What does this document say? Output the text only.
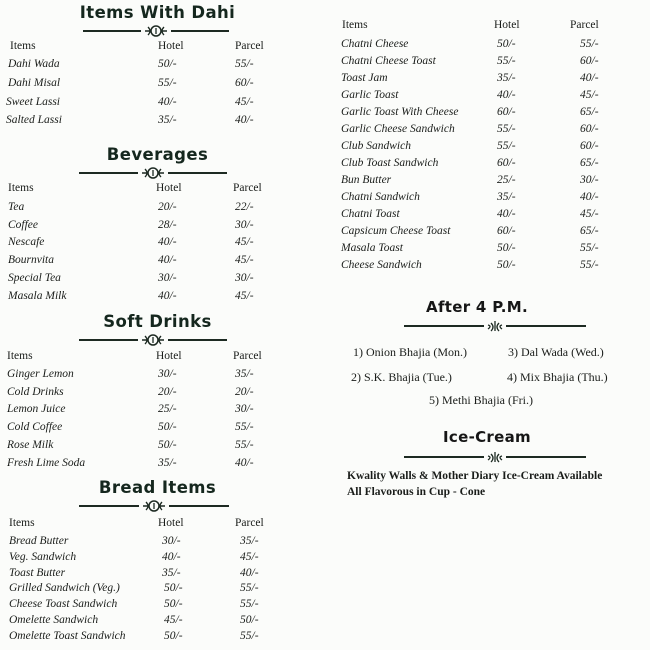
Items With Dahi
Items	Hotel	Parcel
Dahi Wada	50/-	55/-
Dahi Misal	55/-	60/-
Sweet Lassi	40/-	45/-
Salted Lassi	35/-	40/-
Beverages
Items	Hotel	Parcel
Tea	20/-	22/-
Coffee	28/-	30/-
Nescafe	40/-	45/-
Bournvita	40/-	45/-
Special Tea	30/-	30/-
Masala Milk	40/-	45/-
Soft Drinks
Items	Hotel	Parcel
Ginger Lemon	30/-	35/-
Cold Drinks	20/-	20/-
Lemon Juice	25/-	30/-
Cold Coffee	50/-	55/-
Rose Milk	50/-	55/-
Fresh Lime Soda	35/-	40/-
Bread Items
Items	Hotel	Parcel
Bread Butter	30/-	35/-
Veg. Sandwich	40/-	45/-
Toast Butter	35/-	40/-
Grilled Sandwich (Veg.)	50/-	55/-
Cheese Toast Sandwich	50/-	55/-
Omelette Sandwich	45/-	50/-
Omelette Toast Sandwich	50/-	55/-
Items	Hotel	Parcel
Chatni Cheese	50/-	55/-
Chatni Cheese Toast	55/-	60/-
Toast Jam	35/-	40/-
Garlic Toast	40/-	45/-
Garlic Toast With Cheese	60/-	65/-
Garlic Cheese Sandwich	55/-	60/-
Club Sandwich	55/-	60/-
Club Toast Sandwich	60/-	65/-
Bun Butter	25/-	30/-
Chatni Sandwich	35/-	40/-
Chatni Toast	40/-	45/-
Capsicum Cheese Toast	60/-	65/-
Masala Toast	50/-	55/-
Cheese Sandwich	50/-	55/-
After 4 P.M.
1) Onion Bhajia (Mon.)	3) Dal Wada (Wed.)
2) S.K. Bhajia (Tue.)	4) Mix Bhajia (Thu.)
5) Methi Bhajia (Fri.)
Ice-Cream
Kwality Walls & Mother Diary Ice-Cream Available
All Flavorous in Cup - Cone
